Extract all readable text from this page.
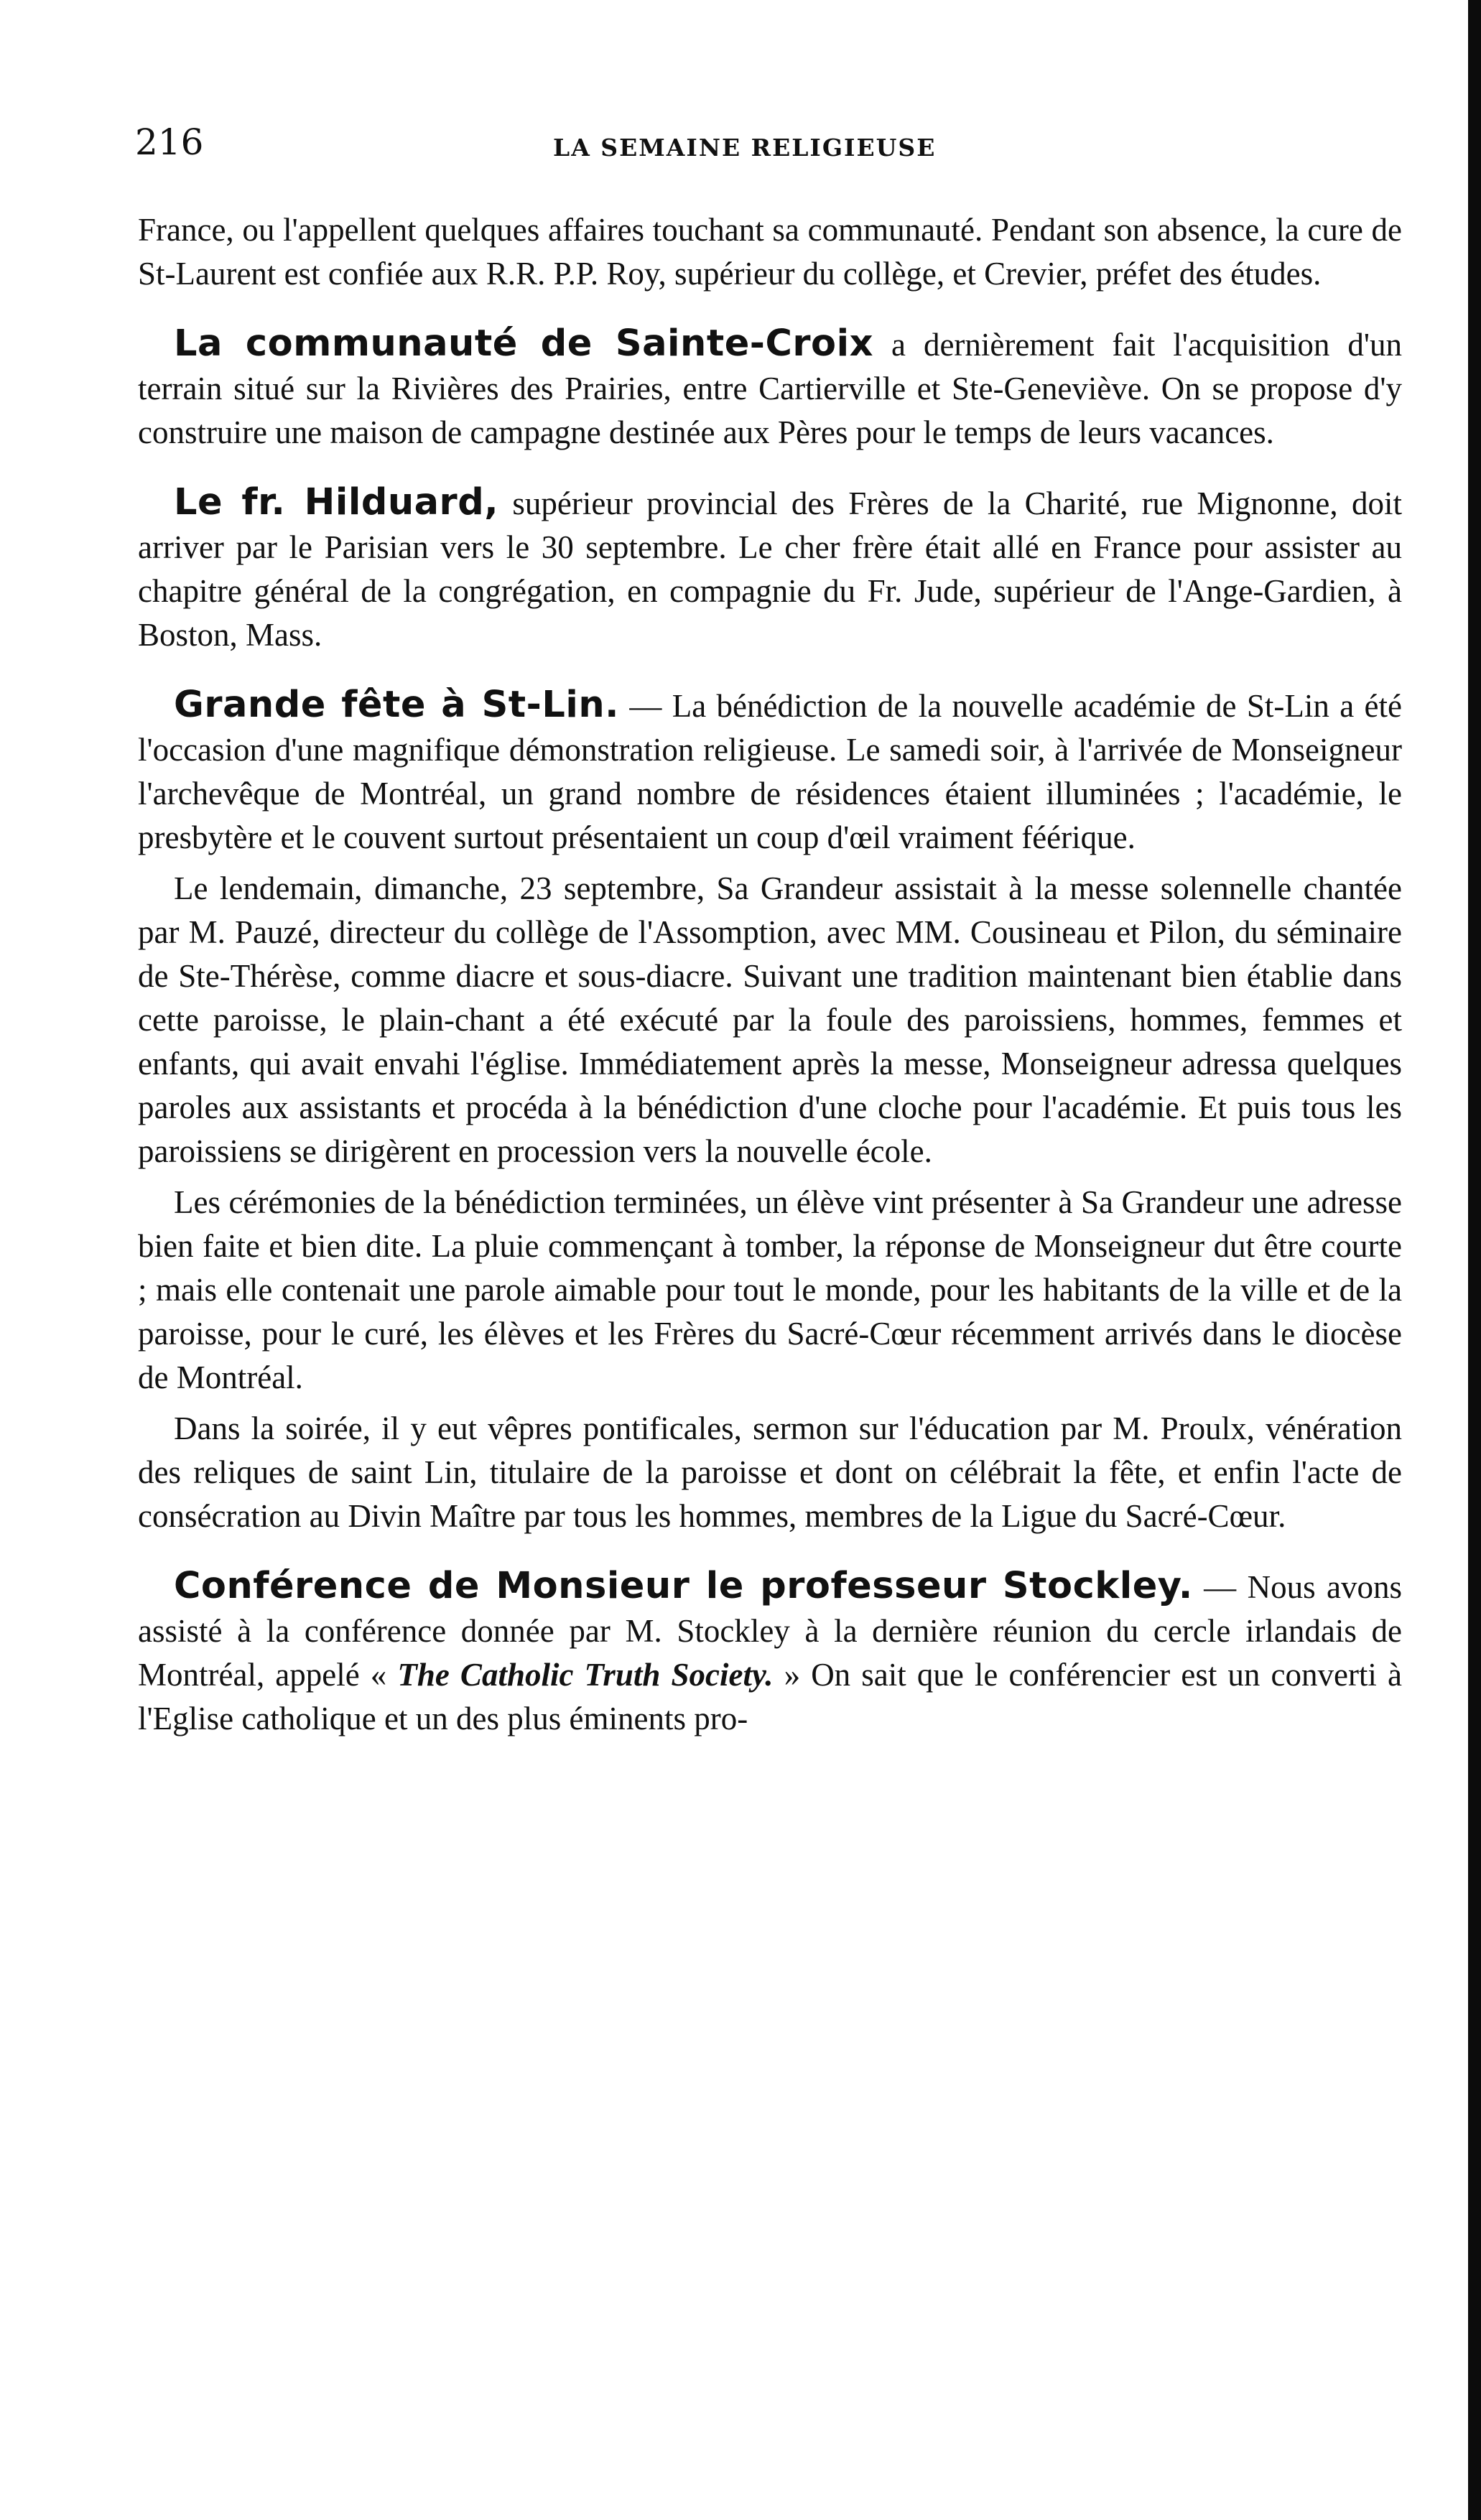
216	LA SEMAINE RELIGIEUSE

France, ou l'appellent quelques affaires touchant sa communauté. Pendant son absence, la cure de St-Laurent est confiée aux R.R. P.P. Roy, supérieur du collège, et Crevier, préfet des études.

La communauté de Sainte-Croix a dernièrement fait l'acquisition d'un terrain situé sur la Rivières des Prairies, entre Cartierville et Ste-Geneviève. On se propose d'y construire une maison de campagne destinée aux Pères pour le temps de leurs vacances.

Le fr. Hilduard, supérieur provincial des Frères de la Charité, rue Mignonne, doit arriver par le Parisian vers le 30 septembre. Le cher frère était allé en France pour assister au chapitre général de la congrégation, en compagnie du Fr. Jude, supérieur de l'Ange-Gardien, à Boston, Mass.

Grande fête à St-Lin. — La bénédiction de la nouvelle académie de St-Lin a été l'occasion d'une magnifique démonstration religieuse. Le samedi soir, à l'arrivée de Monseigneur l'archevêque de Montréal, un grand nombre de résidences étaient illuminées ; l'académie, le presbytère et le couvent surtout présentaient un coup d'œil vraiment féérique.

Le lendemain, dimanche, 23 septembre, Sa Grandeur assistait à la messe solennelle chantée par M. Pauzé, directeur du collège de l'Assomption, avec MM. Cousineau et Pilon, du séminaire de Ste-Thérèse, comme diacre et sous-diacre. Suivant une tradition maintenant bien établie dans cette paroisse, le plain-chant a été exécuté par la foule des paroissiens, hommes, femmes et enfants, qui avait envahi l'église. Immédiatement après la messe, Monseigneur adressa quelques paroles aux assistants et procéda à la bénédiction d'une cloche pour l'académie. Et puis tous les paroissiens se dirigèrent en procession vers la nouvelle école.

Les cérémonies de la bénédiction terminées, un élève vint présenter à Sa Grandeur une adresse bien faite et bien dite. La pluie commençant à tomber, la réponse de Monseigneur dut être courte ; mais elle contenait une parole aimable pour tout le monde, pour les habitants de la ville et de la paroisse, pour le curé, les élèves et les Frères du Sacré-Cœur récemment arrivés dans le diocèse de Montréal.

Dans la soirée, il y eut vêpres pontificales, sermon sur l'éducation par M. Proulx, vénération des reliques de saint Lin, titulaire de la paroisse et dont on célébrait la fête, et enfin l'acte de consécration au Divin Maître par tous les hommes, membres de la Ligue du Sacré-Cœur.

Conférence de Monsieur le professeur Stockley. — Nous avons assisté à la conférence donnée par M. Stockley à la dernière réunion du cercle irlandais de Montréal, appelé « The Catholic Truth Society. » On sait que le conférencier est un converti à l'Eglise catholique et un des plus éminents pro-
